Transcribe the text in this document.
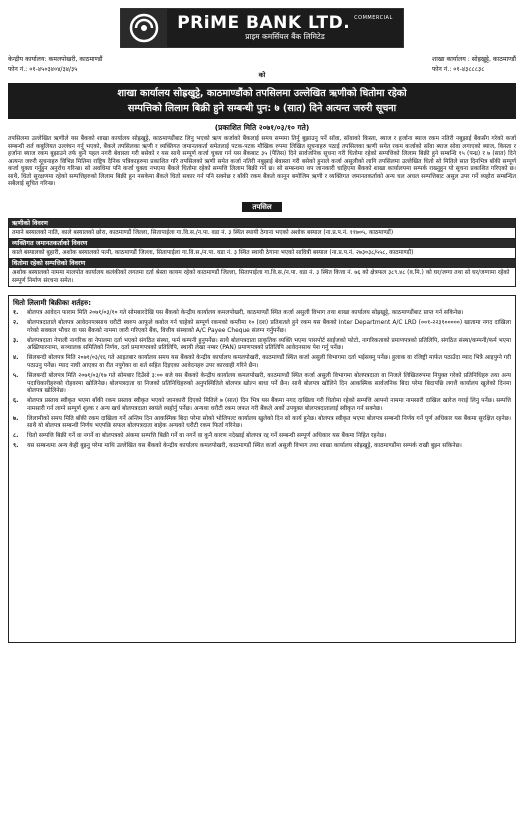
PRiME BANK LTD. COMMERCIAL
प्राइम कमर्सियल बैंक लिमिटेड
केन्द्रीय कार्यालय: कमलपोखरी, काठमाण्डौं
फोन नं.: ०१-४५०३४०४/३४/३५
शाखा कार्यालय : सोह्रखुट्टे, काठमाण्डौं
फोन नं.: ०१-४३८८८३८
को
शाखा कार्यालय सोह्रखुट्टे, काठमाण्डौंको तपसिलमा उल्लेखित ऋणीको धितोमा रहेको
सम्पत्तिको लिलाम बिक्री हुने सम्बन्धी पुन: ७ (सात) दिने अत्यन्त जरुरी सूचना
(प्रकाशित मिति २०७१/०३/१० गते)
तपसिलमा उल्लेखित ऋणीले यस बैंकको शाखा कार्यालय सोह्रखुट्टे, काठमाण्डौंबाट लिनु भएको ऋण कर्जाको बैंकलाई समय सम्ममा तिर्नु बुझाउनु पर्ने सॉवा, सॉवाको किस्ता, ब्याज र हर्जाना ब्याज रकम नतिरी नबुझाई बैंकसँग गरेको कर्जा सम्बन्धी शर्त कबुलियत उल्लंघन गर्नु भएको, बैंकले तपसिलका ऋणी र व्यक्तिगत जमानतकर्ता समेतलाई पटक-पटक मौखिक रुपमा लिखित सूचनाहरु पठाई तपसिलका ऋणी समेत रकम कर्जाको साँवा ब्याज सोवा लगाएको ब्याज, किस्ता र हर्जाना ब्याज रकम बुझाउने तर्फ कुनै पहल नगरी बेवास्ता गरी बसेको र यस साथै सम्पूर्ण कर्जा चुक्ता गर्न यस बैंकबाट ३५ (पैतिस) दिने सार्वजनिक सूचना गरी धितोमा रहेको सम्पत्तिको लिलाम बिक्री हुने सम्बन्धि १५ (पन्ध्र) र ७ (सात) दिने अत्यन्त जरुरी सूचनाहरु विभिन्न मितिमा राष्ट्रिय दैनिक पत्रिकाहरुमा प्रकाशित गरि तपसिलको ऋणी समेत कर्जा नतिरी नबुझाई बेवास्ता गरी बसेको हुनाले कर्जा असुलीको लागि तपसिलमा उल्लेखित धितो सो मितिले सात दिनभित्र बाँकी सम्पूर्ण कर्जा चुक्ता गर्नुहुन अनुरोध गरिन्छ। सो अवधिमा पनि कर्जा चुक्ता नभएमा बैंकले धितोमा रहेको सम्पत्ति लिलाम बिक्री गर्ने छ। सो सम्बन्धमा थप जानकारी चाहिएमा बैंकको शाखा कार्यालयमा सम्पर्क राख्नुहुन यो सूचना प्रकाशित गरिएको छ। साथै, धितो सुरक्षणमा रहेको सम्पत्तिहरुको लिलाम बिक्री हुन नसकेमा बैंकले धितो सकार गर्न पनि सक्नेछ र बाँकी रकम बैंकले कानून बमोजिम ऋणी र व्यक्तिगत जमानतकर्ताको अन्य चल अचल सम्पत्तिबाट असुल उपर गर्ने व्यहोरा सम्बन्धित सबैलाई सूचित गरिन्छ।
तपसिल
ऋणीको विवरण
तमाने बस्यालको नाति, काले बस्यालको छोरा, काठमाण्डौं जिल्ला, सितापाईला गा.वि.स./न.पा. वडा नं. ३ स्थित स्थायी ठेगाना भएको अशोक बस्याल (ना.प्र.प.नं. ११७०५, काठमाण्डौं)
व्यक्तिगत जमानतकर्ताको विवरण
काले बस्यालको बुहारी, अशोक बस्यालको पत्नी, काठमाण्डौं जिल्ला, सितापाईला गा.वि.स./न.पा. वडा नं. ३ स्थित स्थायी ठेगाना भएको सावित्री बस्याल (ना.प्र.प.नं. २७३०३८/५५८, काठमाण्डौं)
धितोमा रहेको सम्पत्तिको विवरण
अशोक बस्यालको नाममा मालपोत कार्यालय कलंकीको लगतमा दर्ता श्रेस्ता कायम रहेको काठमाण्डौं जिल्ला, सितापाईला गा.वि.स./न.पा. वडा नं. ३ स्थित कित्ता नं. ७६ को क्षेत्रफल ३८९.४८ (व.मि.) को घर/जग्गा तथा सो घर/जग्गामा रहेको सम्पूर्ण निर्माण संरचना समेत।
धितो लिलामी बिक्रीका शर्तहरु:
१.	बोलपत्र आवेदन फाराम मिति २०७१/०३/१० गते सोमबारदेखि यस बैंकको केन्द्रीय कार्यालय कमलपोखरी, काठमाण्डौं स्थित कर्जा असुली विभाग तथा शाखा कार्यालय सोह्रखुट्टे, काठमाण्डौंबाट प्राप्त गर्न सकिनेछ।
२.	बोलपत्रदाताले बोलपत्र आवेदनपत्रसाथ धरौटी स्वरुप आफूले कबोल गर्न चाहेको सम्पूर्ण रकमको कम्तीमा १० (दश) प्रतिशतले हुने रकम यस बैंकको Inter Department A/C LRD (००१-२२३१०००००) खातामा नगद दाखिला गरेको सक्कल भौचर वा यस बैंकको नाममा जारी गरिएको बैंक, वित्तीय संस्थाको A/C Payee Cheque संलग्न गर्नुपर्नेछ।
३.	बोलपत्रदाता नेपाली नागरिक वा नेपालमा दर्ता भएको संगठित संस्था, फर्म कम्पनी हुनुपर्नेछ। साथै बोलपत्रदाता प्राकृतिक व्यक्ति भएमा पासपोर्ट साईजको फोटो, नागरिकताको प्रमाणपत्रको प्रतिलिपि, संगठित संस्था/कम्पनी/फर्म भएमा अख्तियारनामा, सञ्चालक समितिको निर्णय, दर्ता प्रमाणपत्रको प्रतिलिपि, स्थायी लेखा नम्बर (PAN) प्रमाणपत्रको प्रतिलिपि आवेदनसाथ पेश गर्नु पर्नेछ।
४.	सिलबन्दी बोलपत्र मिति २०७१/०३/१६ गते आइतबार कार्यालय समय यस बैंकको केन्द्रीय कार्यालय कमलपोखरी, काठमाण्डौं स्थित कर्जा असुली विभागमा दर्ता भईसक्नु पर्नेछ। हुलाक वा रजिष्ट्री मार्फत पठाउँदा म्याद भित्रै आइपुग्ने गरी पठाउनु पर्नेछ। म्याद नाघी आएका वा रीत नपुगेका वा शर्त सहित दिइएका आवेदनहरु उपर कारवाही गरिने छैन।
५.	सिलबन्दी बोलपत्र मिति २०७१/०३/१७ गते सोमबार दिउँसो ३:०० बजे यस बैंकको केन्द्रीय कार्यालय कमलपोखरी, काठमाण्डौं स्थित कर्जा असुली विभागमा बोलपत्रदाता वा निजले लिखितरुपमा नियुक्त गरेको प्रतिनिधिहरु तथा अन्य पदाधिकारीहरुको रोहवरमा खोलिनेछ। बोलपत्रदाता वा निजको प्रतिनिधिहरुको अनुपस्थितिले बोलपत्र खोल्न बाधा पर्ने छैन। साथै बोलपत्र खोलिने दिन आकस्मिक सार्वजनिक बिदा परेमा बिदापछि लगत्तै कार्यालय खुलेको दिनमा बोलपत्र खोलिनेछ।
६.	बोलपत्र प्रस्ताव स्वीकृत भएमा बाँकी रकम प्रस्ताव स्वीकृत भएको जानकारी दिएको मितिले ७ (सात) दिन भित्र यस बैंकमा नगद दाखिला गरी धितोमा रहेको सम्पत्ति आफ्नो नाममा नामसारी दाखिल खारेज गराई लिनु पर्नेछ। सम्पत्ति नामसारी गर्न लाग्ने सम्पूर्ण शुल्क र अन्य खर्च बोलपत्रदाता स्वयंले व्यहोर्नु पर्नेछ। अन्यथा धरौटी रकम जफत गरी बैंकले अर्को उपयुक्त बोलपत्रदातालाई स्वीकृत गर्न सक्नेछ।
७.	लिलामीको समय मिति बाँकी रकम दाखिला गर्ने अन्तिम दिन आकस्मिक बिदा परेमा सोको भोलिपल्ट कार्यालय खुलेको दिन सो कार्य हुनेछ। बोलपत्र स्वीकृत भएमा बोलपत्र सम्बन्धी निर्णय गर्ने पूर्ण अधिकार यस बैंकमा सुरक्षित रहनेछ। साथै यो बोलपत्र सम्बन्धी निर्णय भएपछि सफल बोलपत्रदाता बाहेक अन्यको धरौटी रकम फिर्ता गरिनेछ।
८.	धितो सम्पत्ति बिक्री गर्ने वा नगर्ने वा बोलपत्रको अंकमा सम्पत्ति बिक्री गर्ने वा नगर्ने वा कुनै कारण नदेखाई बोलपत्र रद्द गर्ने सम्बन्धी सम्पूर्ण अधिकार यस बैंकमा निहित रहनेछ।
९.	यस सम्बन्धमा अन्य केही बुझ्नु परेमा माथि उल्लेखित यस बैंकको केन्द्रीय कार्यालय कमलपोखरी, काठमाण्डौं स्थित कर्जा असुली विभाग तथा शाखा कार्यालय सोह्रखुट्टे, काठमाण्डौंमा सम्पर्क राखी बुझ्न सकिनेछ।
